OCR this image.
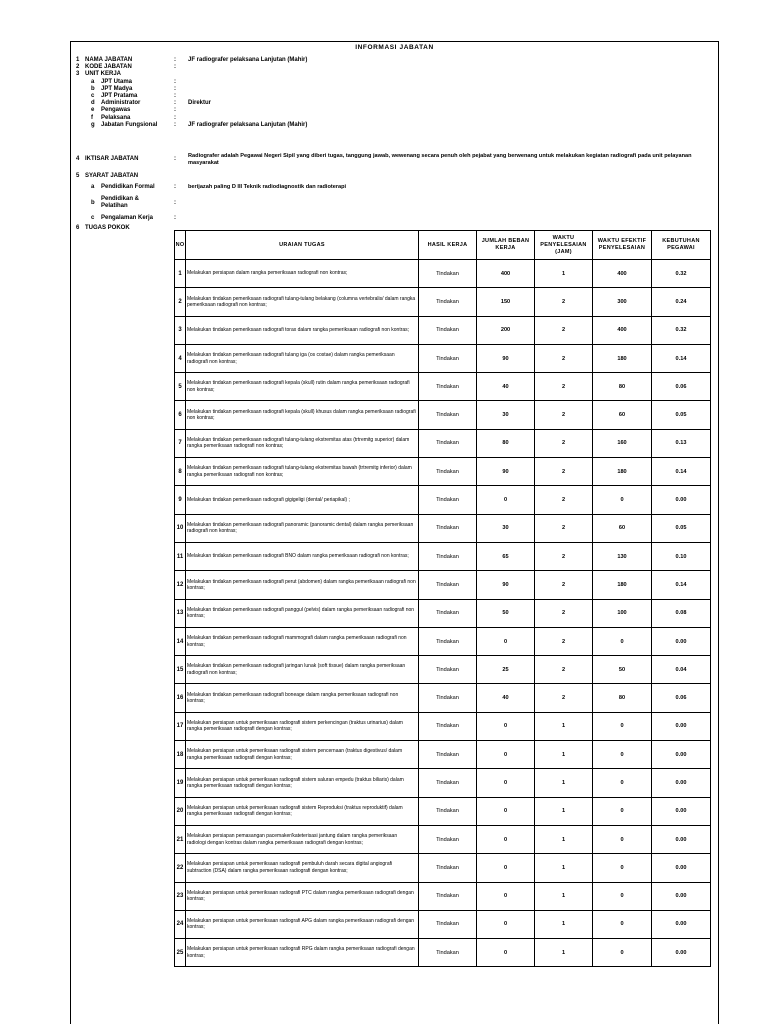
INFORMASI JABATAN
1 NAMA JABATAN	: JF radiografer pelaksana Lanjutan (Mahir)
2 KODE JABATAN	:
3 UNIT KERJA
a JPT Utama	:
b JPT Madya	:
c JPT Pratama	:
d Administrator	: Direktur
e Pengawas	:
f Pelaksana	:
g Jabatan Fungsional	: JF radiografer pelaksana Lanjutan (Mahir)
4 IKTISAR JABATAN	: Radiografer adalah Pegawai Negeri Sipil yang diberi tugas, tanggung jawab, wewenang secara penuh oleh pejabat yang berwenang untuk melakukan kegiatan radiografi pada unit pelayanan masyarakat
5 SYARAT JABATAN
a Pendidikan Formal	: berijazah paling D III Teknik radiodiagnostik dan radioterapi
b
Pendidikan & Pelatihan	:
c Pengalaman Kerja	:
6 TUGAS POKOK
NO	URAIAN TUGAS	HASIL KERJA	JUMLAH BEBAN KERJA	WAKTU PENYELESAIAN (JAM)	WAKTU EFEKTIF PENYELESAIAN	KEBUTUHAN PEGAWAI
1	Melakukan persiapan dalam rangka pemeriksaan radiografi non kontras;	Tindakan	400	1	400	0.32
2	Melakukan tindakan pemeriksaan radiografi tulang-tulang belakang (columna vertebralis/ dalam rangka pemeriksaan radiografi non kontras;	Tindakan	150	2	300	0.24
3	Melakukan tindakan pemeriksaan radiografi torax dalam rangka pemeriksaan radiografi non kontras;	Tindakan	200	2	400	0.32
4	Melakukan tindakan pemeriksaan radiografi tulang iga (os costae) dalam rangka pemeriksaan radiografi non kontras;	Tindakan	90	2	180	0.14
5	Melakukan tindakan pemeriksaan radiografi kepala (skull) rutin dalam rangka pemeriksaan radiografi non kontras;	Tindakan	40	2	80	0.06
6	Melakukan tindakan pemeriksaan radiografi kepala (skull) khusus dalam rangka pemeriksaan radiografi non kontras;	Tindakan	30	2	60	0.05
7	Melakukan tindakan pemeriksaan radiografi tulang-tulang ekstremitas atas (trtremitg superior) dalam rangka pemeriksaan radiografi non kontras;	Tindakan	80	2	160	0.13
8	Melakukan tindakan pemeriksaan radiografi tulang-tulang ekstremitas bawah (trtremitg inferior) dalam rangka pemeriksaan radiografi non kontras;	Tindakan	90	2	180	0.14
9	Melakukan tindakan pemeriksaan radiografi gigigeligi (dental/ periapikal) ;	Tindakan	0	2	0	0.00
10	Melakukan tindakan pemeriksaan radiografi panoramic (panoramic dental) dalam rangka pemeriksaan radiografi non kontras;	Tindakan	30	2	60	0.05
11	Melakukan tindakan pemeriksaan radiografi BNO dalam rangka pemeriksaan radiografi non kontras;	Tindakan	65	2	130	0.10
12	Melakukan tindakan pemeriksaan radiografi perut (abdomen) dalam rangka pemeriksaan radiografi non kontras;	Tindakan	90	2	180	0.14
13	Melakukan tindakan pemeriksaan radiografi panggul (pelvis) dalam rangka pemeriksaan radiografi non kontras;	Tindakan	50	2	100	0.08
14	Melakukan tindakan pemeriksaan radiografi mammografi dalam rangka pemeriksaan radiografi non kontras;	Tindakan	0	2	0	0.00
15	Melakukan tindakan pemeriksaan radiografi jaringan lunak (soft tissue) dalam rangka pemeriksaan radiografi non kontras;	Tindakan	25	2	50	0.04
16	Melakukan tindakan pemeriksaan radiografi boneage dalam rangka pemeriksaan radiografi non kontras;	Tindakan	40	2	80	0.06
17	Melakukan persiapan untuk pemeriksaan radiografi sistem perkencingan (traktus urinarius) dalam rangka pemeriksaan radiografi dengan kontras;	Tindakan	0	1	0	0.00
18	Melakukan persiapan untuk pemeriksaan radiografi sistem pencernaan (traktus digestivus/ dalam rangka pemeriksaan radiografi dengan kontras;	Tindakan	0	1	0	0.00
19	Melakukan persiapan untuk pemeriksaan radiografi sistem saluran empedu (traktus biliaris) dalam rangka pemeriksaan radiografi dengan kontras;	Tindakan	0	1	0	0.00
20	Melakukan persiapan untuk pemeriksaan radiografi sistem Reproduksi (traktus reproduktif) dalam rangka pemeriksaan radiografi dengan kontras;	Tindakan	0	1	0	0.00
21	Melakukan persiapan pemasangan pacemaker/kateterisasi jantung dalam rangka pemeriksaan radiologi dengan kontras dalam rangka pemeriksaan radiografi dengan kontras;	Tindakan	0	1	0	0.00
22	Melakukan persiapan untuk pemeriksaan radiografi pembuluh darah secara digital angiografi subtraction (DSA) dalam rangka pemeriksaan radiografi dengan kontras;	Tindakan	0	1	0	0.00
23	Melakukan persiapan untuk pemeriksaan radiografi PTC dalam rangka pemeriksaan radiografi dengan kontras;	Tindakan	0	1	0	0.00
24	Melakukan persiapan untuk pemeriksaan radiografi APG dalam rangka pemeriksaan radiografi dengan kontras;	Tindakan	0	1	0	0.00
25	Melakukan persiapan untuk pemeriksaan radiografi RPG dalam rangka pemeriksaan radiografi dengan kontras;	Tindakan	0	1	0	0.00
